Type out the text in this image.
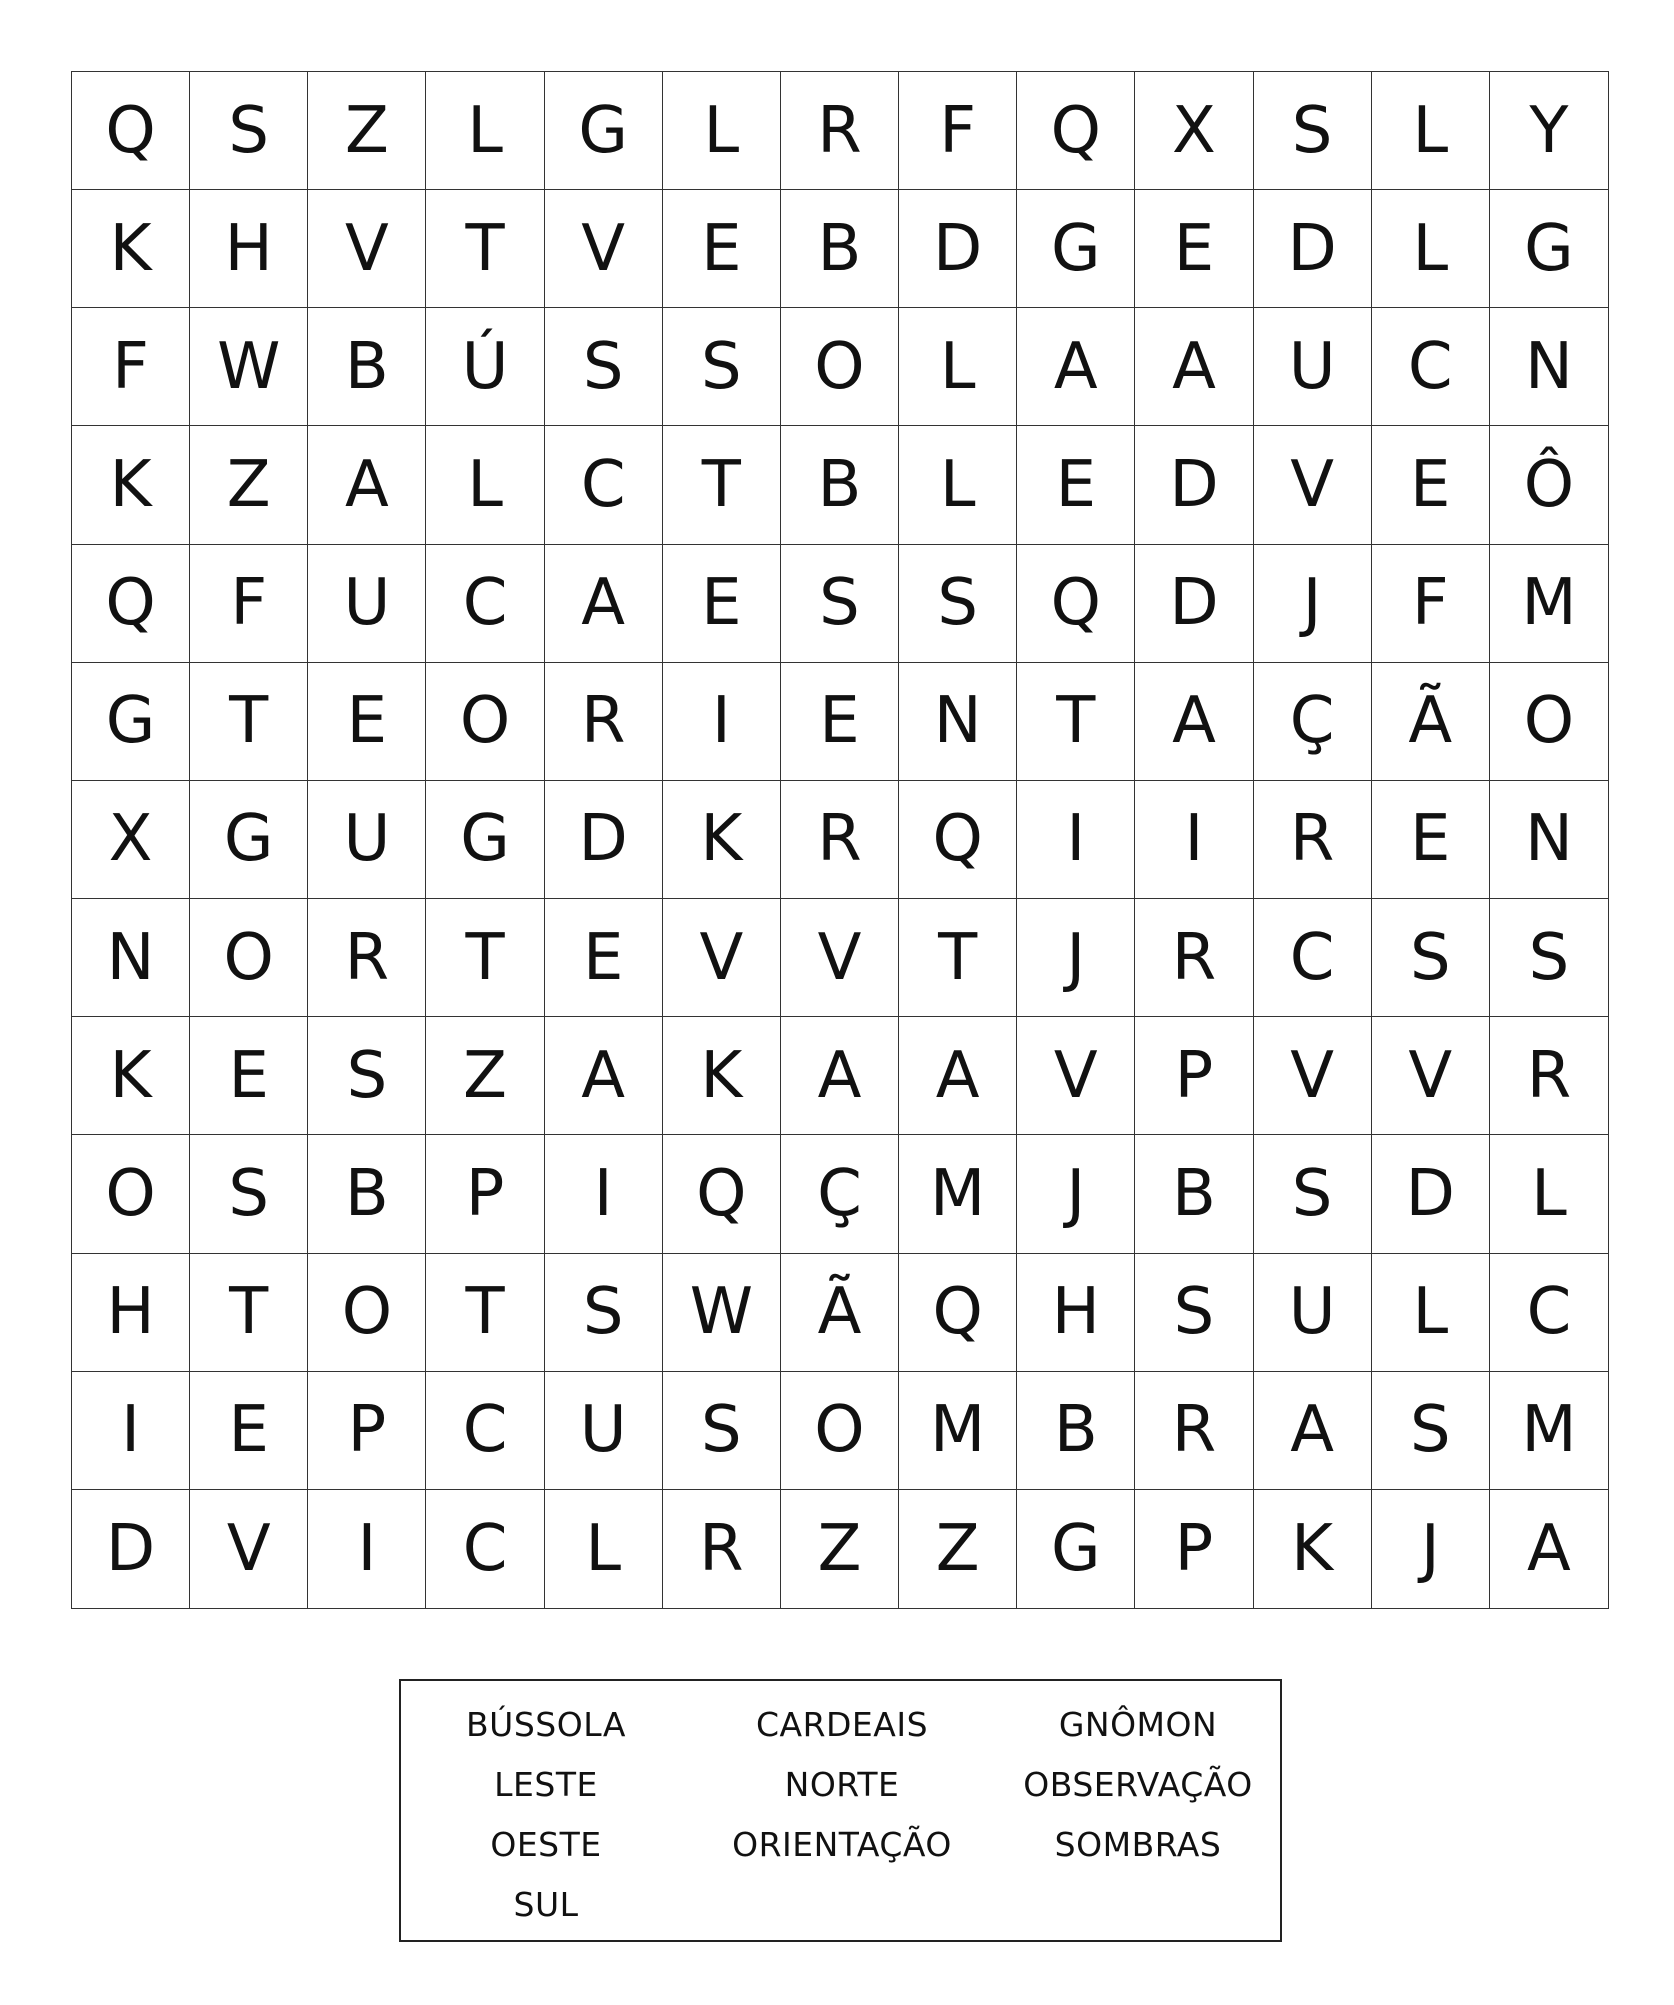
Q	S	Z	L	G	L	R	F	Q	X	S	L	Y
K	H	V	T	V	E	B	D	G	E	D	L	G
F	W	B	Ú	S	S	O	L	A	A	U	C	N
K	Z	A	L	C	T	B	L	E	D	V	E	Ô
Q	F	U	C	A	E	S	S	Q	D	J	F	M
G	T	E	O	R	I	E	N	T	A	Ç	Ã	O
X	G	U	G	D	K	R	Q	I	I	R	E	N
N	O	R	T	E	V	V	T	J	R	C	S	S
K	E	S	Z	A	K	A	A	V	P	V	V	R
O	S	B	P	I	Q	Ç	M	J	B	S	D	L
H	T	O	T	S	W	Ã	Q	H	S	U	L	C
I	E	P	C	U	S	O	M	B	R	A	S	M
D	V	I	C	L	R	Z	Z	G	P	K	J	A
BÚSSOLA
LESTE
OESTE
SUL
CARDEAIS
NORTE
ORIENTAÇÃO
GNÔMON
OBSERVAÇÃO
SOMBRAS
